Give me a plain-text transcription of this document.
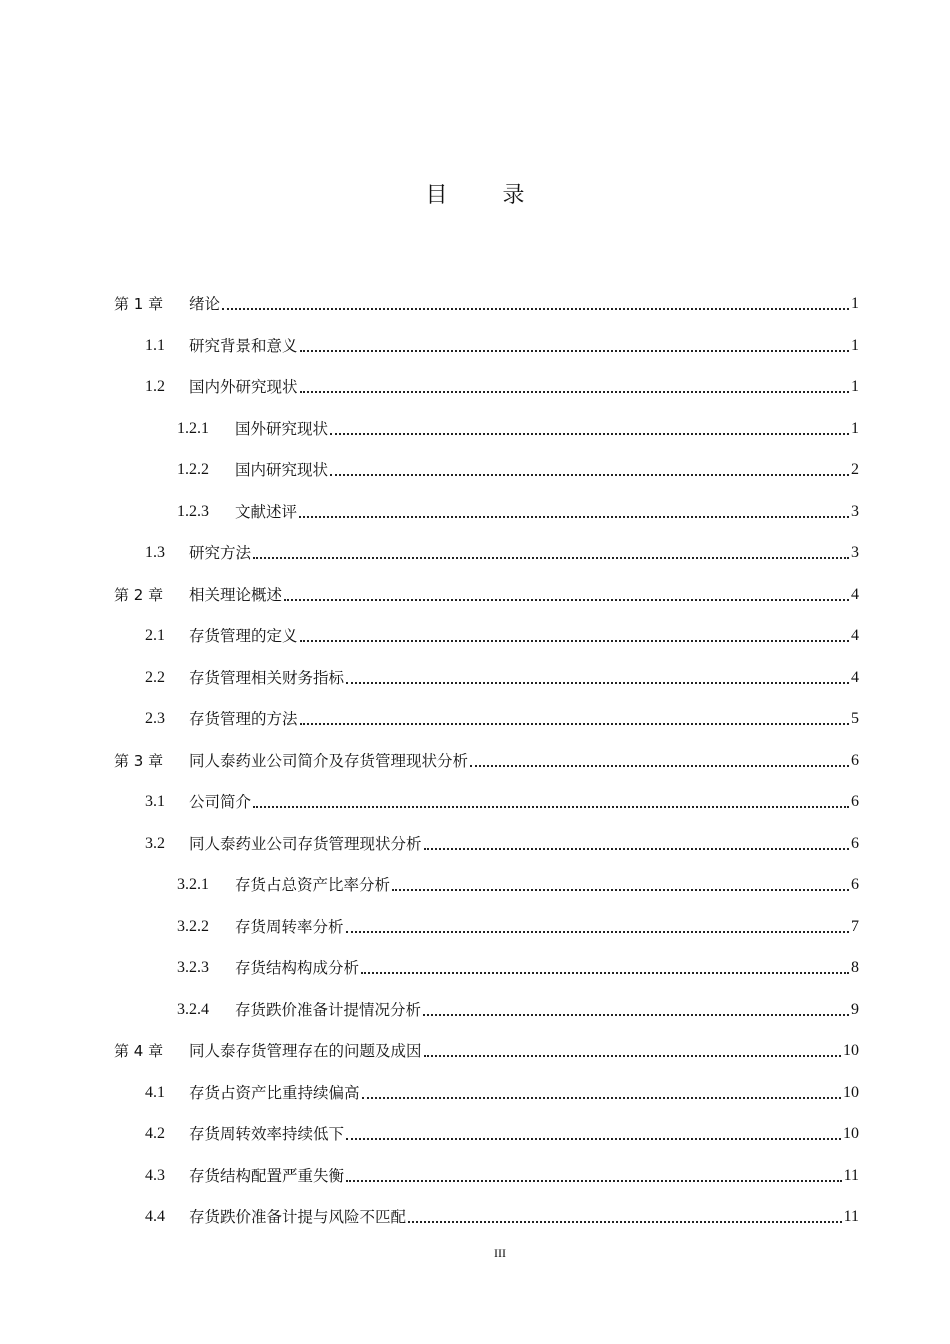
目 录
第 1 章	绪论	1
1.1	研究背景和意义	1
1.2	国内外研究现状	1
1.2.1	国外研究现状	1
1.2.2	国内研究现状	2
1.2.3	文献述评	3
1.3	研究方法	3
第 2 章	相关理论概述	4
2.1	存货管理的定义	4
2.2	存货管理相关财务指标	4
2.3	存货管理的方法	5
第 3 章	同人泰药业公司简介及存货管理现状分析	6
3.1	公司简介	6
3.2	同人泰药业公司存货管理现状分析	6
3.2.1	存货占总资产比率分析	6
3.2.2	存货周转率分析	7
3.2.3	存货结构构成分析	8
3.2.4	存货跌价准备计提情况分析	9
第 4 章	同人泰存货管理存在的问题及成因	10
4.1	存货占资产比重持续偏高	10
4.2	存货周转效率持续低下	10
4.3	存货结构配置严重失衡	11
4.4	存货跌价准备计提与风险不匹配	11
III
